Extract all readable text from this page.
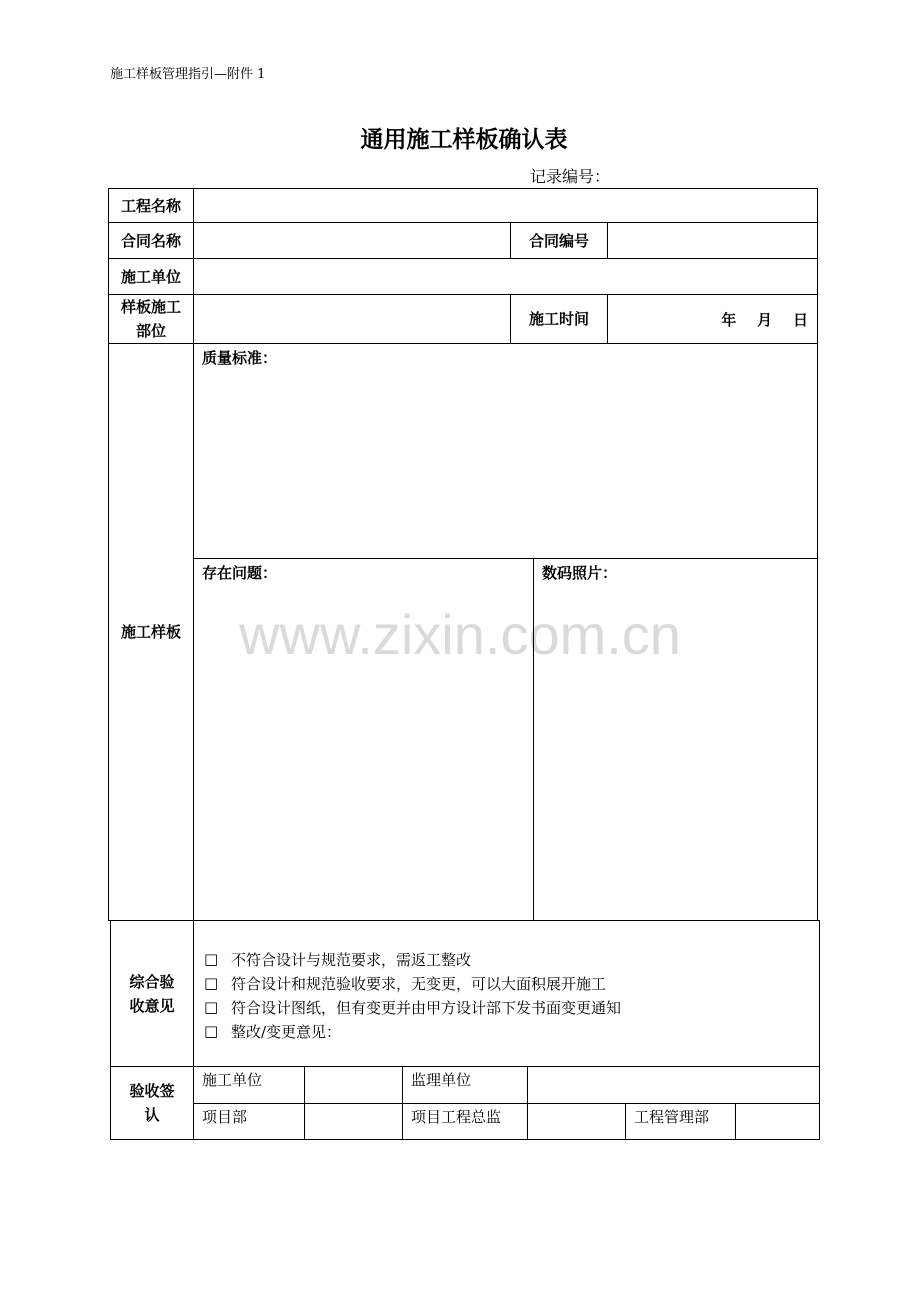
施工样板管理指引—附件 1
通用施工样板确认表
记录编号：
www.zixin.com.cn
工程名称
合同名称	合同编号
施工单位
样板施工
部位
施工时间	年    月    日
施工样板
质量标准：
存在问题：	数码照片：
综合验
收意见
□ 不符合设计与规范要求，需返工整改
□ 符合设计和规范验收要求，无变更，可以大面积展开施工
□ 符合设计图纸，但有变更并由甲方设计部下发书面变更通知
□ 整改/变更意见：
验收签
认
施工单位	监理单位
项目部	项目工程总监	工程管理部
